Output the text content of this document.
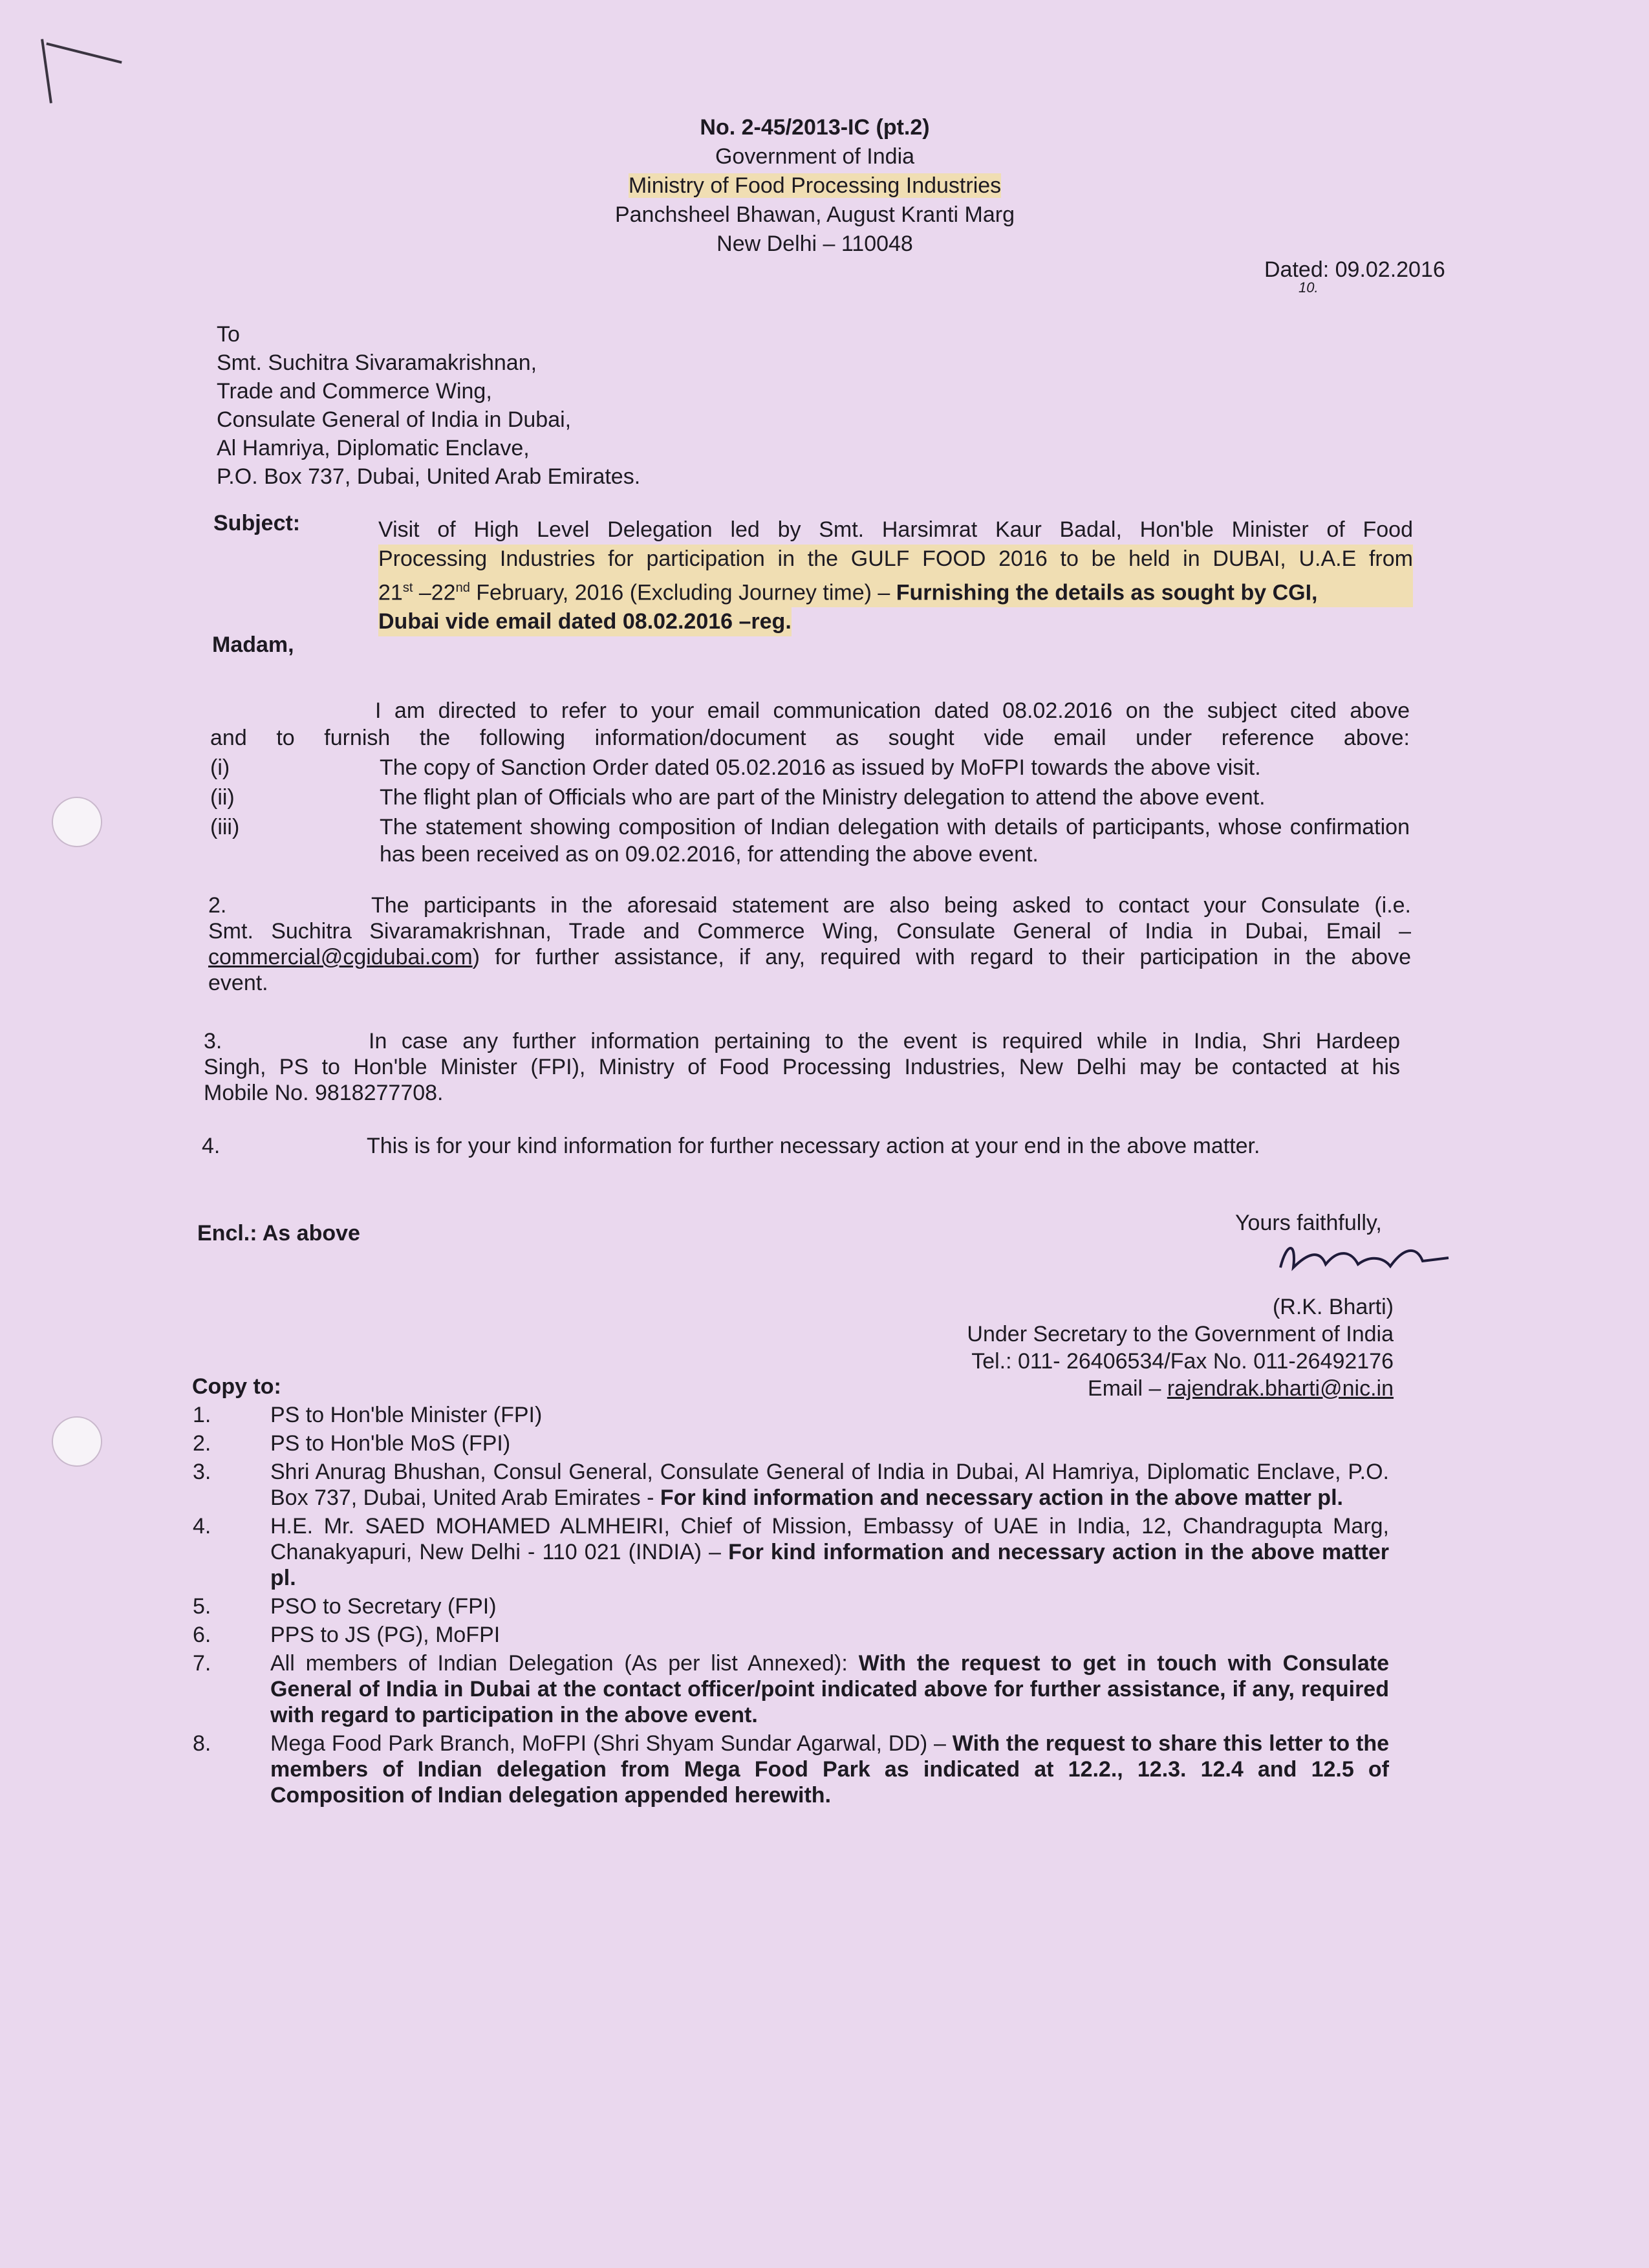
No. 2-45/2013-IC (pt.2)
Government of India
Ministry of Food Processing Industries
Panchsheel Bhawan, August Kranti Marg
New Delhi – 110048
Dated: 09.02.2016
10.
To
Smt. Suchitra Sivaramakrishnan,
Trade and Commerce Wing,
Consulate General of India in Dubai,
Al Hamriya, Diplomatic Enclave,
P.O. Box 737, Dubai, United Arab Emirates.
Subject:	Visit of High Level Delegation led by Smt. Harsimrat Kaur Badal, Hon'ble Minister of Food
Processing Industries for participation in the GULF FOOD 2016 to be held in DUBAI, U.A.E from
21st –22nd February, 2016 (Excluding Journey time) – Furnishing the details as sought by CGI,
Dubai vide email dated 08.02.2016 –reg.
Madam,

I am directed to refer to your email communication dated 08.02.2016 on the subject cited above

and to furnish the following information/document as sought vide email under reference above:

(i)	The copy of Sanction Order dated 05.02.2016 as issued by MoFPI towards the above visit.
(ii)	The flight plan of Officials who are part of the Ministry delegation to attend the above event.
(iii)	The statement showing composition of Indian delegation with details of participants, whose confirmation has been received as on 09.02.2016, for attending the above event.
2.	The participants in the aforesaid statement are also being asked to contact your Consulate (i.e.

Smt. Suchitra Sivaramakrishnan, Trade and Commerce Wing, Consulate General of India in Dubai, Email –

commercial@cgidubai.com) for further assistance, if any, required with regard to their participation in the above

event.

3.	In case any further information pertaining to the event is required while in India, Shri Hardeep

Singh, PS to Hon'ble Minister (FPI), Ministry of Food Processing Industries, New Delhi may be contacted at his

Mobile No. 9818277708.

4.	This is for your kind information for further necessary action at your end in the above matter.

Encl.: As above	Yours faithfully,
(R.K. Bharti)
Under Secretary to the Government of India
Tel.: 011- 26406534/Fax No. 011-26492176
Email – rajendrak.bharti@nic.in
Copy to:
1.	PS to Hon'ble Minister (FPI)
2.	PS to Hon'ble MoS (FPI)
3.	Shri Anurag Bhushan, Consul General, Consulate General of India in Dubai, Al Hamriya, Diplomatic Enclave, P.O. Box 737, Dubai, United Arab Emirates - For kind information and necessary action in the above matter pl.
4.	H.E. Mr. SAED MOHAMED ALMHEIRI, Chief of Mission, Embassy of UAE in India, 12, Chandragupta Marg, Chanakyapuri, New Delhi - 110 021 (INDIA) – For kind information and necessary action in the above matter pl.
5.	PSO to Secretary (FPI)
6.	PPS to JS (PG), MoFPI
7.	All members of Indian Delegation (As per list Annexed): With the request to get in touch with Consulate General of India in Dubai at the contact officer/point indicated above for further assistance, if any, required with regard to participation in the above event.
8.	Mega Food Park Branch, MoFPI (Shri Shyam Sundar Agarwal, DD) – With the request to share this letter to the members of Indian delegation from Mega Food Park as indicated at 12.2., 12.3. 12.4 and 12.5 of Composition of Indian delegation appended herewith.
